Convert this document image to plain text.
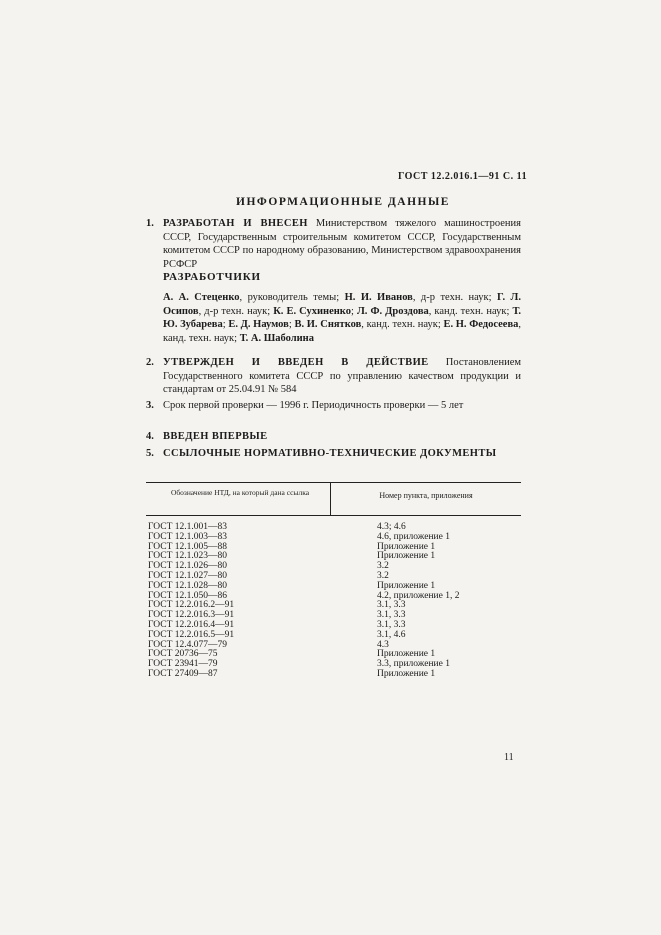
ГОСТ 12.2.016.1—91 С. 11
ИНФОРМАЦИОННЫЕ ДАННЫЕ
1. РАЗРАБОТАН И ВНЕСЕН Министерством тяжелого машиностроения СССР, Государственным строительным комитетом СССР, Государственным комитетом СССР по народному образованию, Министерством здравоохранения РСФСР
РАЗРАБОТЧИКИ
А. А. Стеценко, руководитель темы; Н. И. Иванов, д-р техн. наук; Г. Л. Осипов, д-р техн. наук; К. Е. Сухиненко; Л. Ф. Дроздова, канд. техн. наук; Т. Ю. Зубарева; Е. Д. Наумов; В. И. Снятков, канд. техн. наук; Е. Н. Федосеева, канд. техн. наук; Т. А. Шаболина
2. УТВЕРЖДЕН И ВВЕДЕН В ДЕЙСТВИЕ Постановлением Государственного комитета СССР по управлению качеством продукции и стандартам от 25.04.91 № 584
3. Срок первой проверки — 1996 г. Периодичность проверки — 5 лет
4. ВВЕДЕН ВПЕРВЫЕ
5. ССЫЛОЧНЫЕ НОРМАТИВНО-ТЕХНИЧЕСКИЕ ДОКУМЕНТЫ
Обозначение НТД, на который дана ссылка	Номер пункта, приложения
ГОСТ 12.1.001—83	4.3; 4.6
ГОСТ 12.1.003—83	4.6, приложение 1
ГОСТ 12.1.005—88	Приложение 1
ГОСТ 12.1.023—80	Приложение 1
ГОСТ 12.1.026—80	3.2
ГОСТ 12.1.027—80	3.2
ГОСТ 12.1.028—80	Приложение 1
ГОСТ 12.1.050—86	4.2, приложение 1, 2
ГОСТ 12.2.016.2—91	3.1, 3.3
ГОСТ 12.2.016.3—91	3.1, 3.3
ГОСТ 12.2.016.4—91	3.1, 3.3
ГОСТ 12.2.016.5—91	3.1, 4.6
ГОСТ 12.4.077—79	4.3
ГОСТ 20736—75	Приложение 1
ГОСТ 23941—79	3.3, приложение 1
ГОСТ 27409—87	Приложение 1
11
